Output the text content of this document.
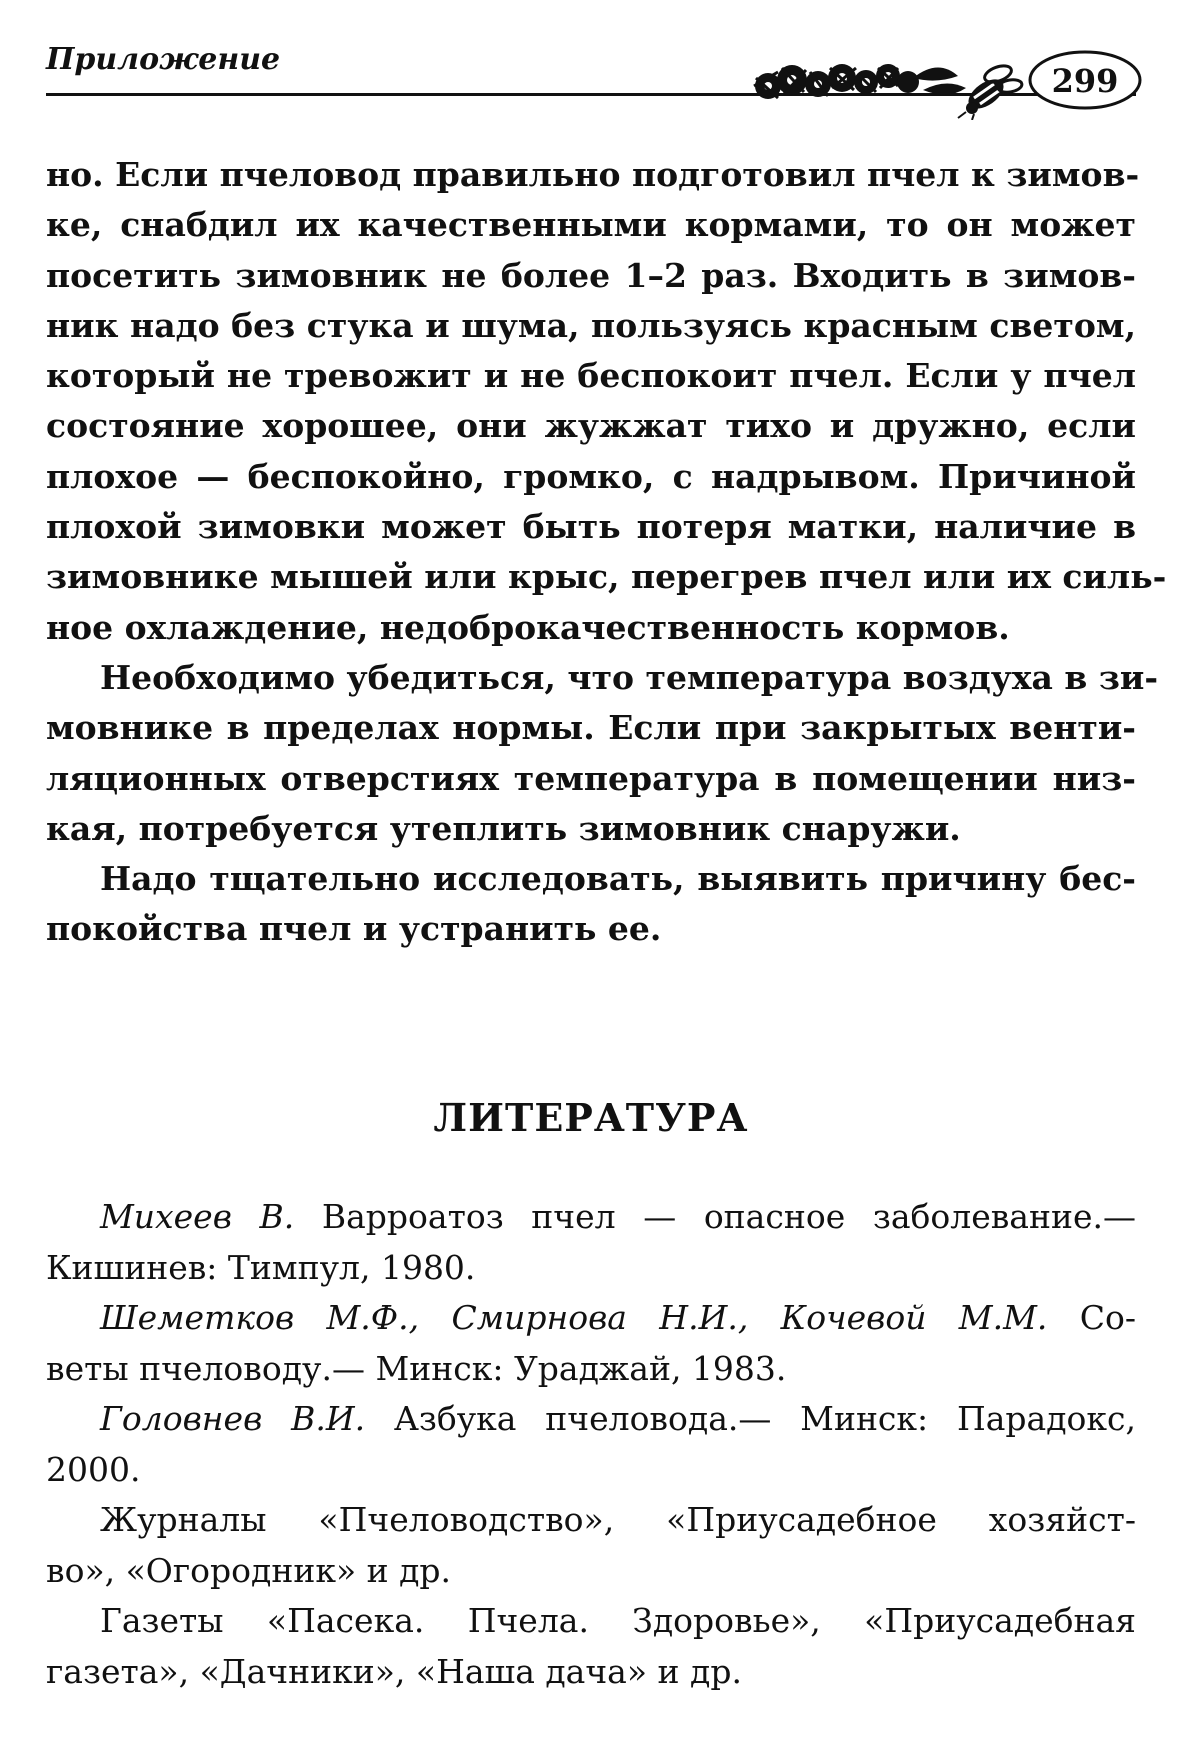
Приложение
299

но. Если пчеловод правильно подготовил пчел к зимов-
ке, снабдил их качественными кормами, то он может
посетить зимовник не более 1–2 раз. Входить в зимов-
ник надо без стука и шума, пользуясь красным светом,
который не тревожит и не беспокоит пчел. Если у пчел
состояние хорошее, они жужжат тихо и дружно, если
плохое — беспокойно, громко, с надрывом. Причиной
плохой зимовки может быть потеря матки, наличие в
зимовнике мышей или крыс, перегрев пчел или их силь-
ное охлаждение, недоброкачественность кормов.

Необходимо убедиться, что температура воздуха в зи-
мовнике в пределах нормы. Если при закрытых венти-
ляционных отверстиях температура в помещении низ-
кая, потребуется утеплить зимовник снаружи.

Надо тщательно исследовать, выявить причину бес-
покойства пчел и устранить ее.

ЛИТЕРАТУРА
Михеев В. Варроатоз пчел — опасное заболевание.—
Кишинев: Тимпул, 1980.
Шеметков М.Ф., Смирнова Н.И., Кочевой М.М. Со-
веты пчеловоду.— Минск: Ураджай, 1983.
Головнев В.И. Азбука пчеловода.— Минск: Парадокс,
2000.
Журналы «Пчеловодство», «Приусадебное хозяйст-
во», «Огородник» и др.
Газеты «Пасека. Пчела. Здоровье», «Приусадебная
газета», «Дачники», «Наша дача» и др.
